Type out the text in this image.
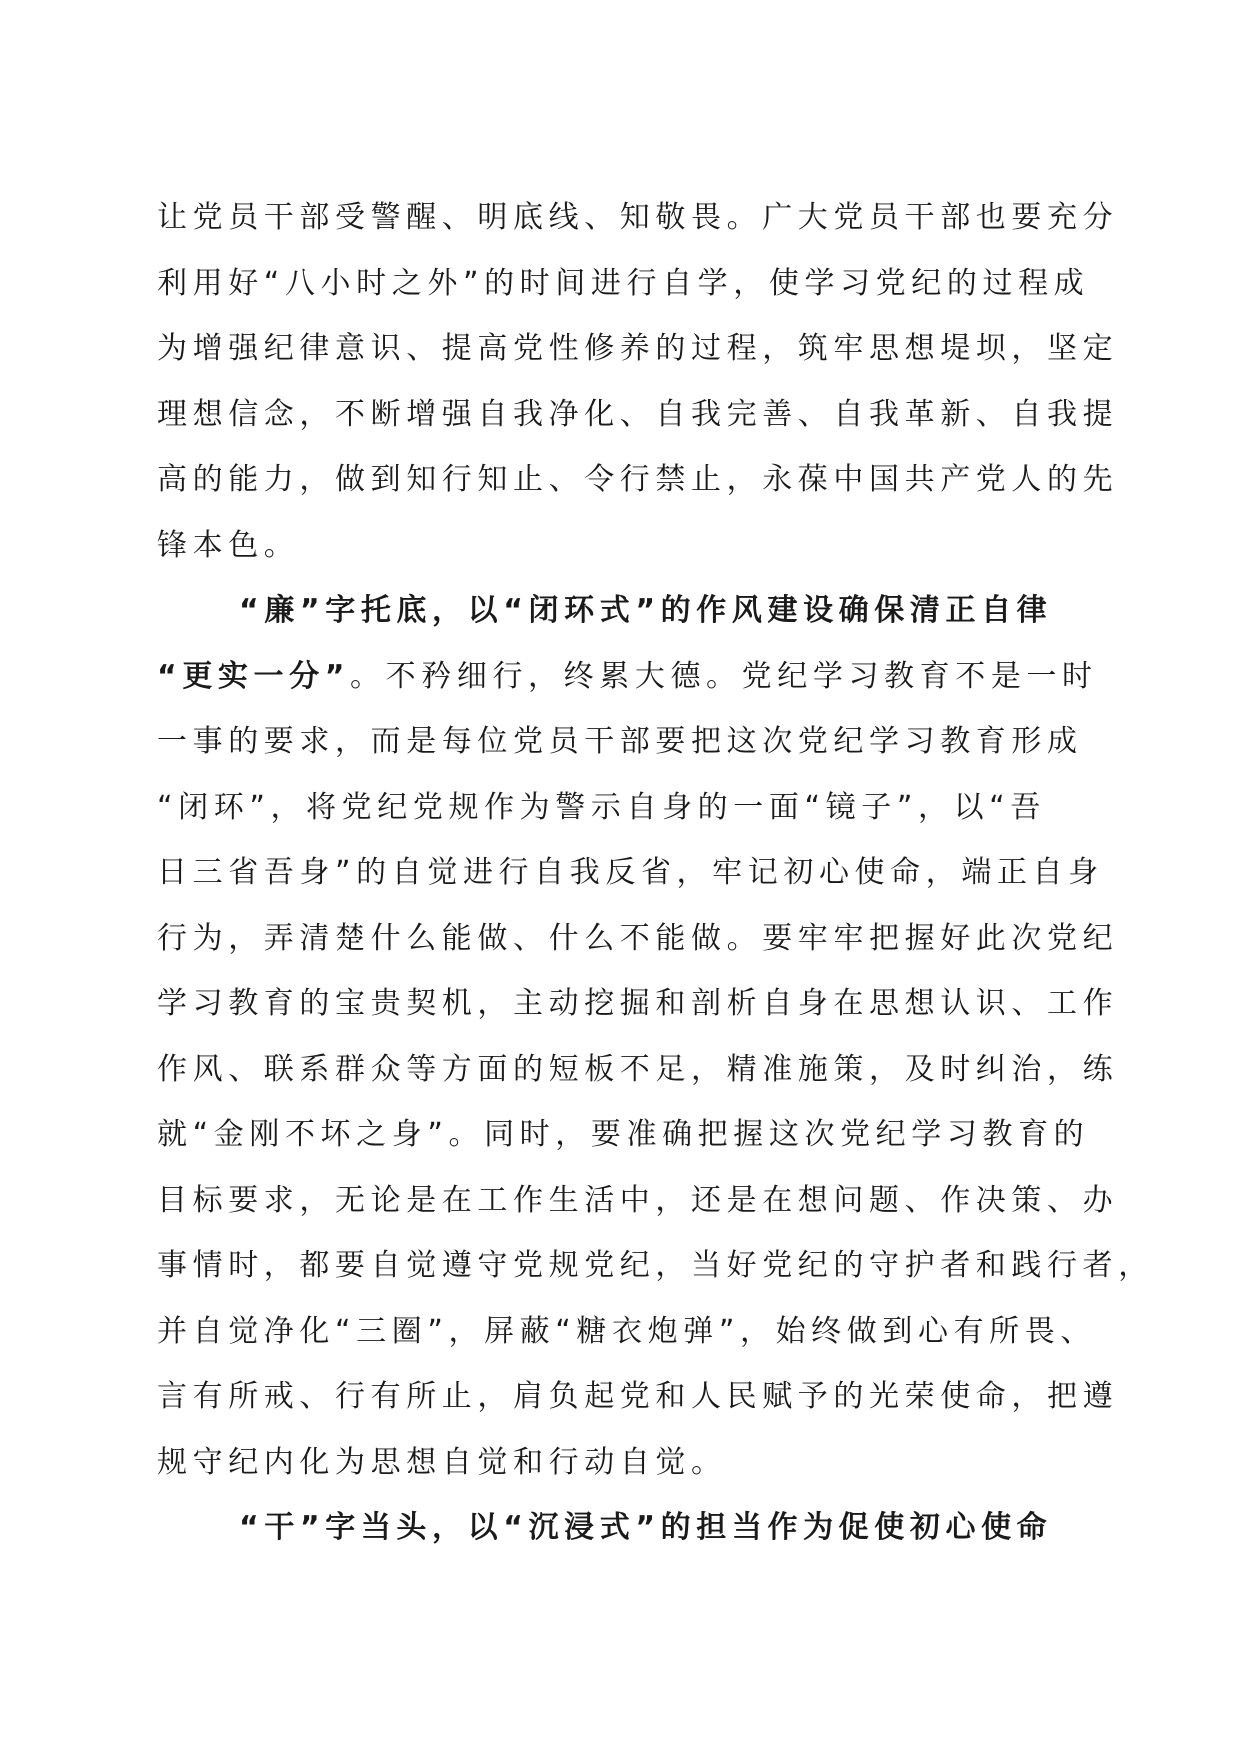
让党员干部受警醒、明底线、知敬畏。广大党员干部也要充分
利用好“八小时之外”的时间进行自学，使学习党纪的过程成
为增强纪律意识、提高党性修养的过程，筑牢思想堤坝，坚定
理想信念，不断增强自我净化、自我完善、自我革新、自我提
高的能力，做到知行知止、令行禁止，永葆中国共产党人的先
锋本色。
“廉”字托底，以“闭环式”的作风建设确保清正自律
“更实一分”。不矜细行，终累大德。党纪学习教育不是一时
一事的要求，而是每位党员干部要把这次党纪学习教育形成
“闭环”，将党纪党规作为警示自身的一面“镜子”，以“吾
日三省吾身”的自觉进行自我反省，牢记初心使命，端正自身
行为，弄清楚什么能做、什么不能做。要牢牢把握好此次党纪
学习教育的宝贵契机，主动挖掘和剖析自身在思想认识、工作
作风、联系群众等方面的短板不足，精准施策，及时纠治，练
就“金刚不坏之身”。同时，要准确把握这次党纪学习教育的
目标要求，无论是在工作生活中，还是在想问题、作决策、办
事情时，都要自觉遵守党规党纪，当好党纪的守护者和践行者，
并自觉净化“三圈”，屏蔽“糖衣炮弹”，始终做到心有所畏、
言有所戒、行有所止，肩负起党和人民赋予的光荣使命，把遵
规守纪内化为思想自觉和行动自觉。
“干”字当头，以“沉浸式”的担当作为促使初心使命
